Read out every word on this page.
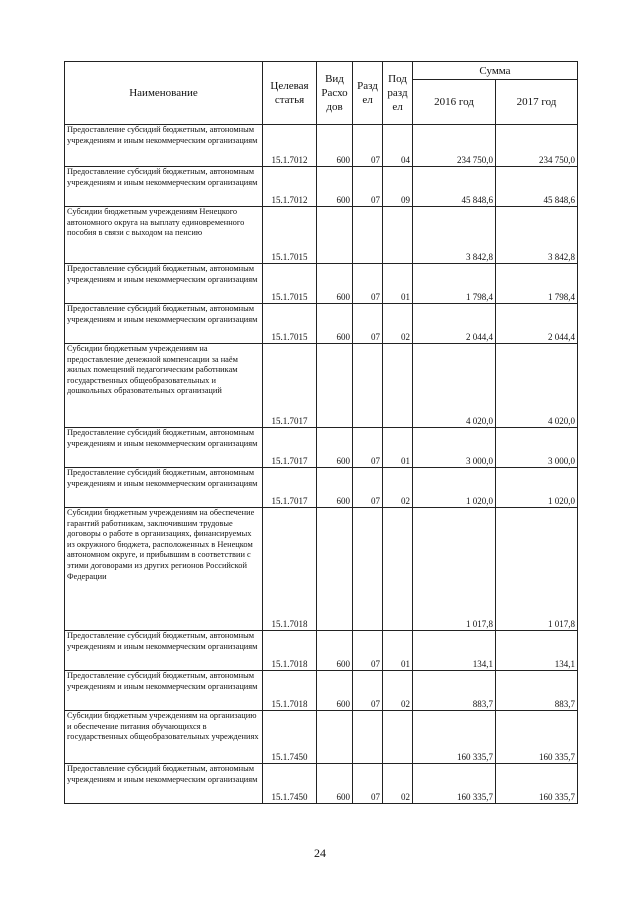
Наименование	Целевая статья	Вид Расхо дов	Разд ел	Под разд ел	Сумма	
					2016 год	2017 год
Предоставление субсидий бюджетным, автономным учреждениям и иным некоммерческим организациям	15.1.7012	600	07	04	234 750,0	234 750,0
Предоставление субсидий бюджетным, автономным учреждениям и иным некоммерческим организациям	15.1.7012	600	07	09	45 848,6	45 848,6
Субсидии бюджетным учреждениям Ненецкого автономного округа на выплату единовременного пособия в связи с выходом на пенсию	15.1.7015				3 842,8	3 842,8
Предоставление субсидий бюджетным, автономным учреждениям и иным некоммерческим организациям	15.1.7015	600	07	01	1 798,4	1 798,4
Предоставление субсидий бюджетным, автономным учреждениям и иным некоммерческим организациям	15.1.7015	600	07	02	2 044,4	2 044,4
Субсидии бюджетным учреждениям на предоставление денежной компенсации за наём жилых помещений педагогическим работникам государственных общеобразовательных и дошкольных образовательных организаций	15.1.7017				4 020,0	4 020,0
Предоставление субсидий бюджетным, автономным учреждениям и иным некоммерческим организациям	15.1.7017	600	07	01	3 000,0	3 000,0
Предоставление субсидий бюджетным, автономным учреждениям и иным некоммерческим организациям	15.1.7017	600	07	02	1 020,0	1 020,0
Субсидии бюджетным учреждениям на обеспечение гарантий работникам, заключившим трудовые договоры о работе в организациях, финансируемых из окружного бюджета, расположенных в Ненецком автономном округе, и прибывшим в соответствии с этими договорами из других регионов Российской Федерации	15.1.7018				1 017,8	1 017,8
Предоставление субсидий бюджетным, автономным учреждениям и иным некоммерческим организациям	15.1.7018	600	07	01	134,1	134,1
Предоставление субсидий бюджетным, автономным учреждениям и иным некоммерческим организациям	15.1.7018	600	07	02	883,7	883,7
Субсидии бюджетным учреждениям на организацию и обеспечение питания обучающихся в государственных общеобразовательных учреждениях	15.1.7450				160 335,7	160 335,7
Предоставление субсидий бюджетным, автономным учреждениям и иным некоммерческим организациям	15.1.7450	600	07	02	160 335,7	160 335,7
24
